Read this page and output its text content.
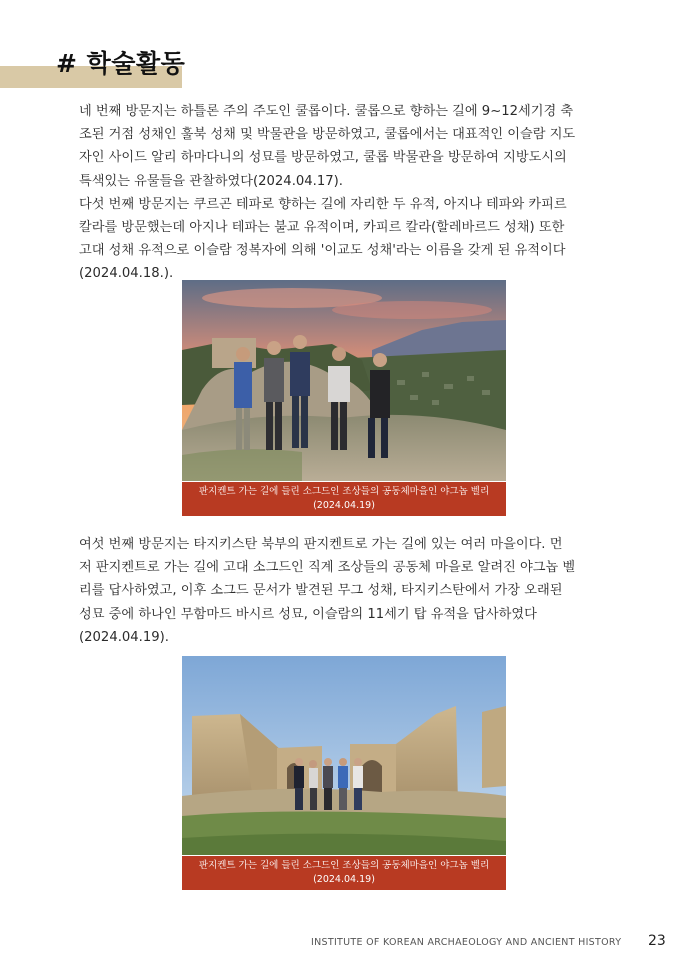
# 학술활동

네 번째 방문지는 하틀론 주의 주도인 쿨롭이다. 쿨롭으로 향하는 길에 9~12세기경 축
조된 거점 성채인 훌북 성채 및 박물관을 방문하였고, 쿨롭에서는 대표적인 이슬람 지도
자인 사이드 알리 하마다니의 성묘를 방문하였고, 쿨롭 박물관을 방문하여 지방도시의
특색있는 유물들을 관찰하였다(2024.04.17).
다섯 번째 방문지는 쿠르곤 테파로 향하는 길에 자리한 두 유적, 아지나 테파와 카피르
칼라를 방문했는데 아지나 테파는 불교 유적이며, 카피르 칼라(할레바르드 성채) 또한
고대 성채 유적으로 이슬람 정복자에 의해 '이교도 성채'라는 이름을 갖게 된 유적이다
(2024.04.18.).

판지켄트 가는 길에 들린 소그드인 조상들의 공동체마을인 야그놉 벨리
(2024.04.19)

여섯 번째 방문지는 타지키스탄 북부의 판지켄트로 가는 길에 있는 여러 마을이다. 먼
저 판지켄트로 가는 길에 고대 소그드인 직계 조상들의 공동체 마을로 알려진 야그놉 벨
리를 답사하였고, 이후 소그드 문서가 발견된 무그 성채, 타지키스탄에서 가장 오래된
성묘 중에 하나인 무함마드 바시르 성묘, 이슬람의 11세기 탑 유적을 답사하였다
(2024.04.19).

판지켄트 가는 길에 들린 소그드인 조상들의 공동체마을인 야그놉 벨리
(2024.04.19)
INSTITUTE OF KOREAN ARCHAEOLOGY AND ANCIENT HISTORY 23
